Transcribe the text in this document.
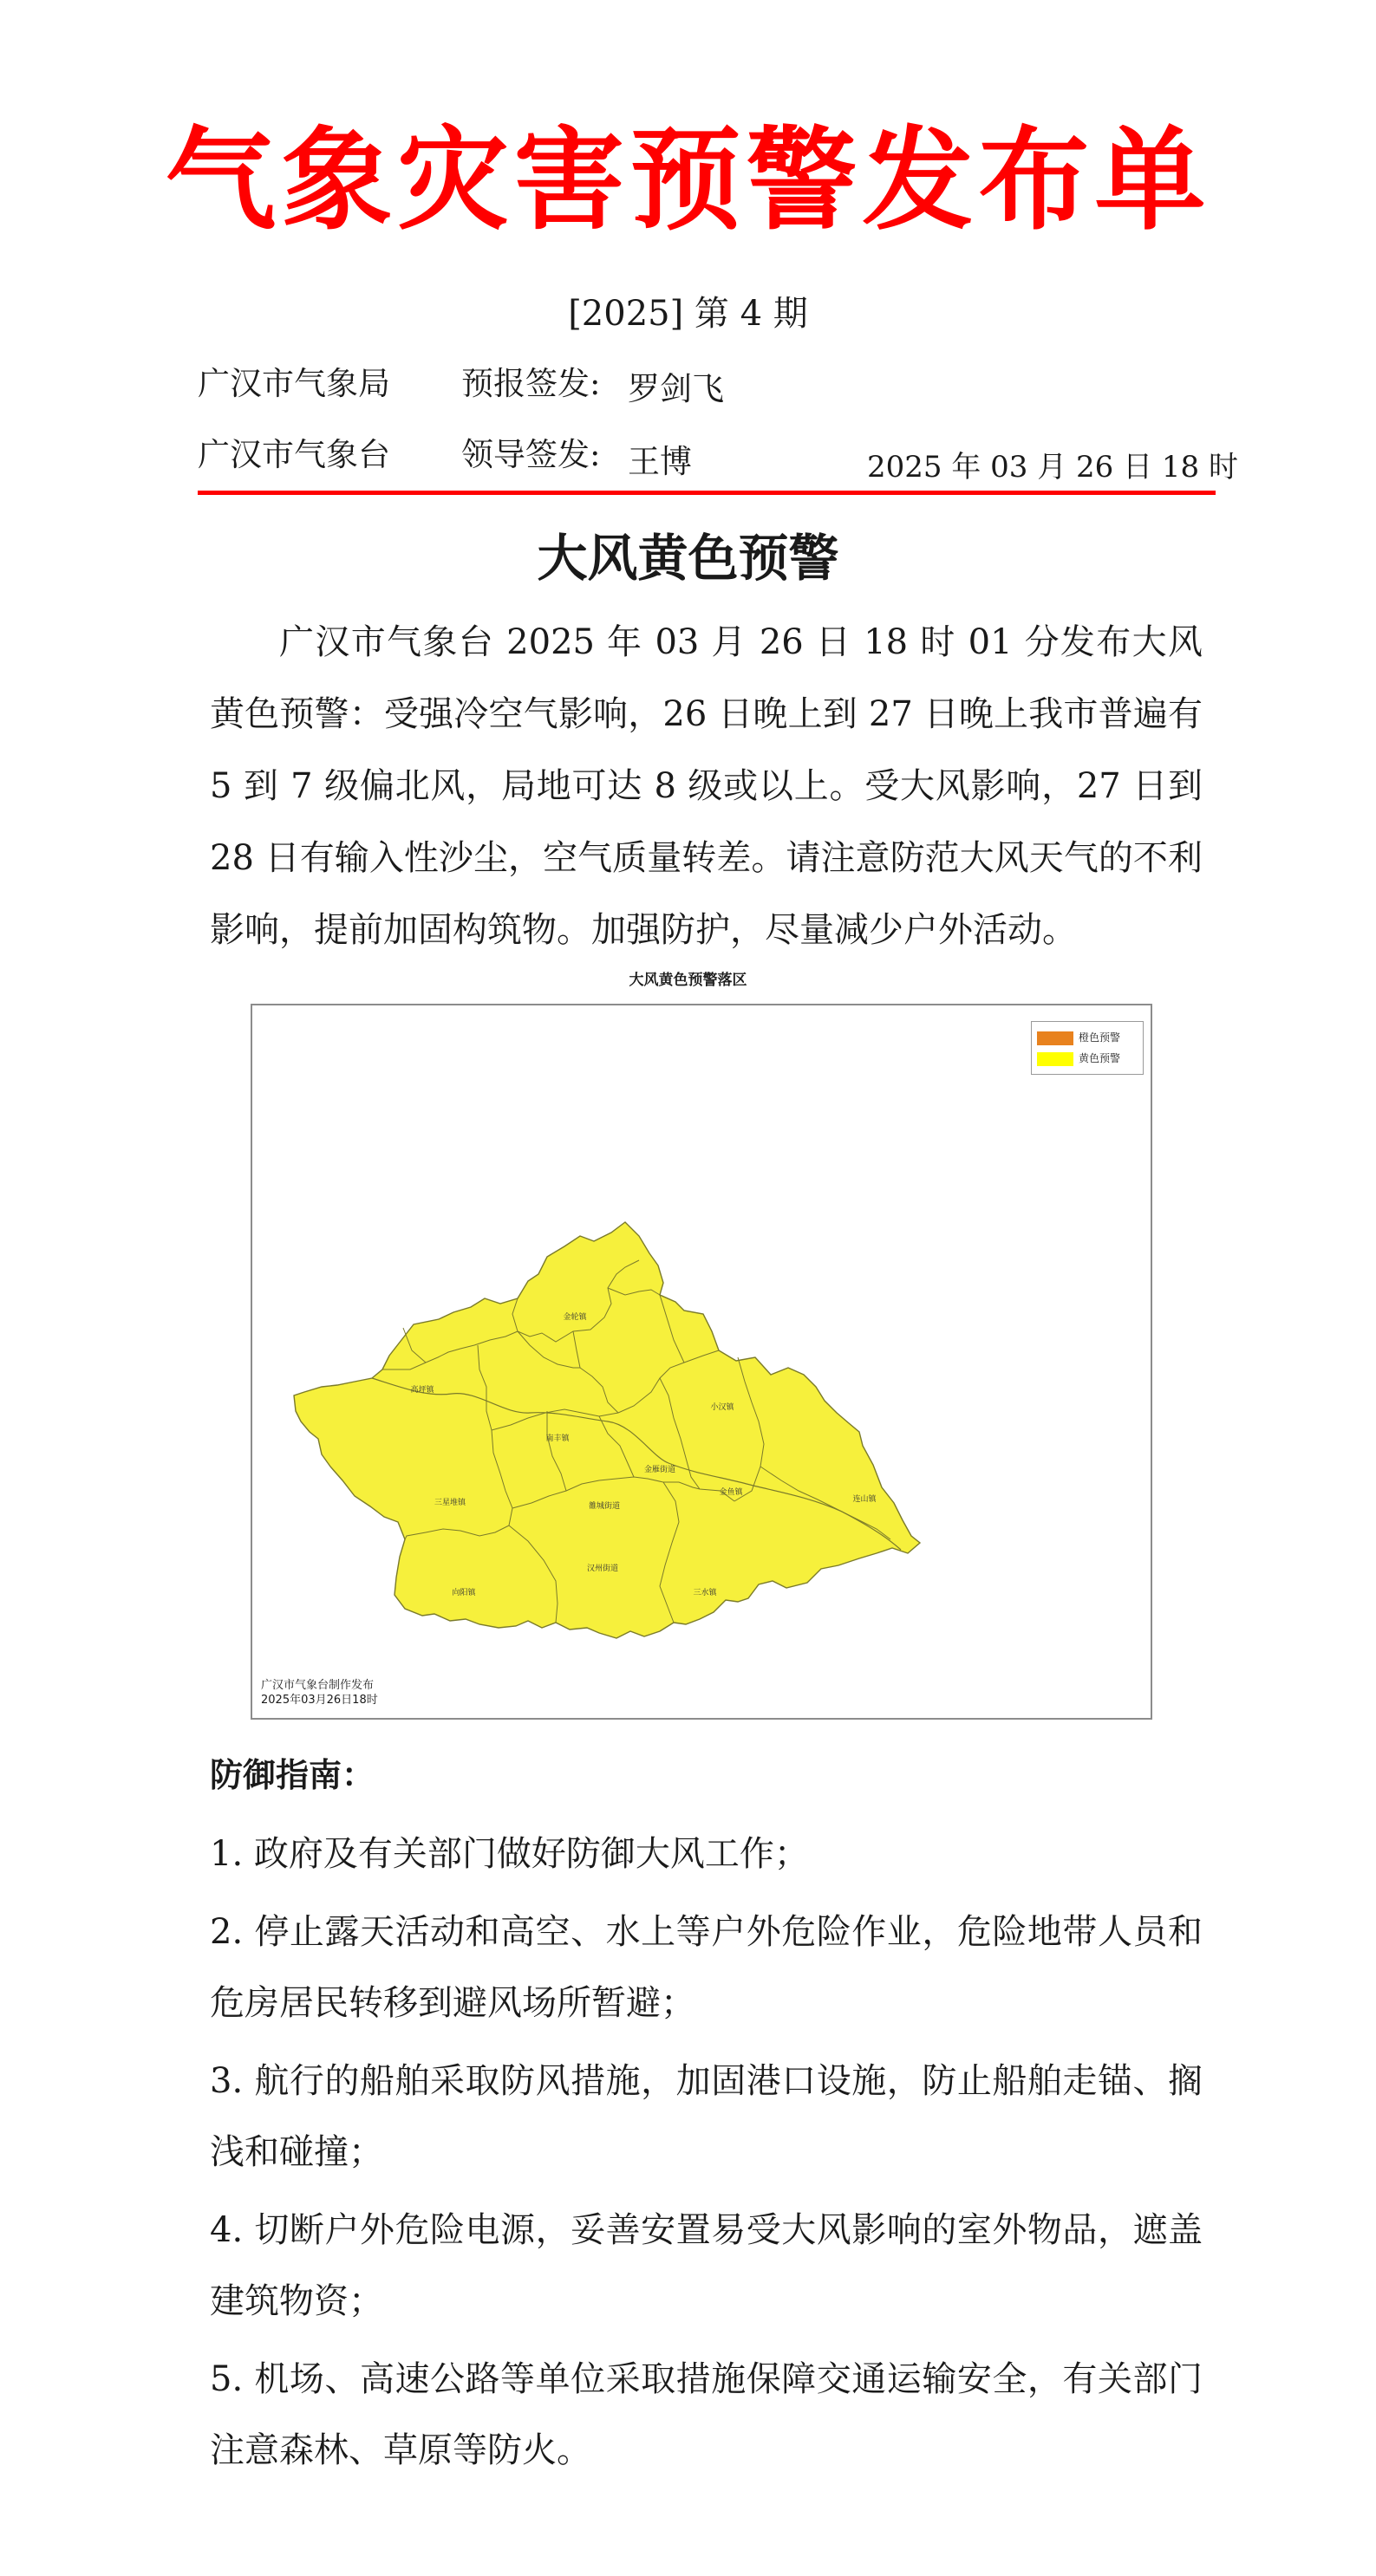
气象灾害预警发布单
[2025] 第 4 期
广汉市气象局 预报签发: 罗剑飞
广汉市气象台 领导签发: 王博	2025 年 03 月 26 日 18 时
大风黄色预警
广汉市气象台 2025 年 03 月 26 日 18 时 01 分发布大风黄色预警：受强冷空气影响，26 日晚上到 27 日晚上我市普遍有 5 到 7 级偏北风，局地可达 8 级或以上。受大风影响，27 日到 28 日有输入性沙尘，空气质量转差。请注意防范大风天气的不利影响，提前加固构筑物。加强防护，尽量减少户外活动。
大风黄色预警落区
金轮镇
高坪镇
小汉镇
南丰镇
金雁街道
连山镇
金鱼镇
三星堆镇	雒城街道
汉州街道
向阳镇	三水镇
橙色预警
黄色预警
广汉市气象台制作发布
2025年03月26日18时
防御指南：
1. 政府及有关部门做好防御大风工作；
2. 停止露天活动和高空、水上等户外危险作业，危险地带人员和危房居民转移到避风场所暂避；
3. 航行的船舶采取防风措施，加固港口设施，防止船舶走锚、搁浅和碰撞；
4. 切断户外危险电源，妥善安置易受大风影响的室外物品，遮盖建筑物资；
5. 机场、高速公路等单位采取措施保障交通运输安全，有关部门注意森林、草原等防火。
